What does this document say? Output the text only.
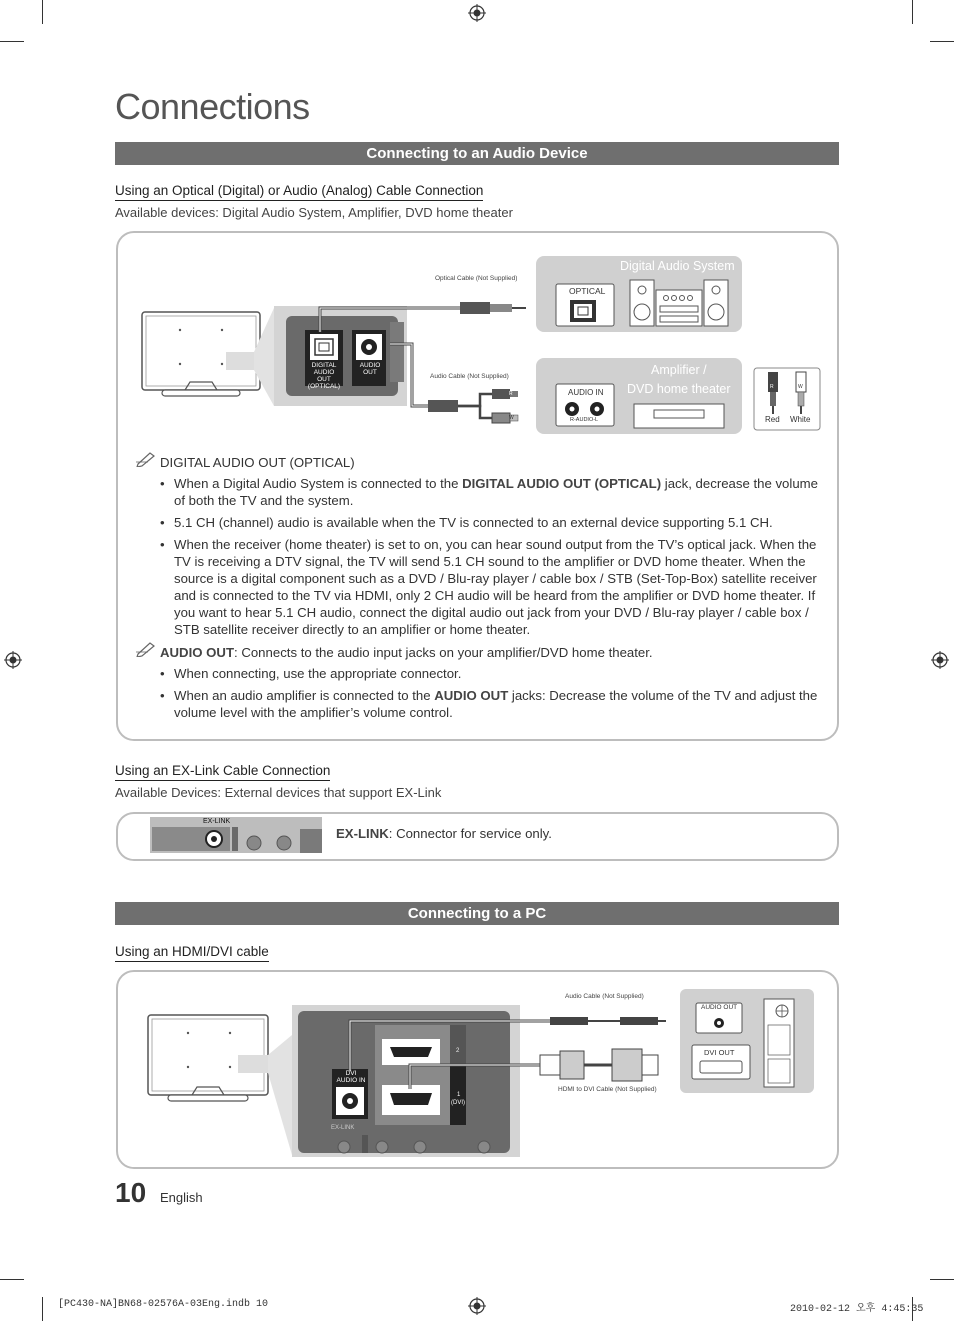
Connections
Connecting to an Audio Device
Using an Optical (Digital) or Audio (Analog) Cable Connection
Available devices: Digital Audio System, Amplifier, DVD home theater
Optical Cable (Not Supplied)
Audio Cable (Not Supplied)
Digital Audio System
OPTICAL
Amplifier /
DVD home theater
AUDIO IN
R-AUDIO-L
DIGITAL
AUDIO OUT
(OPTICAL)
AUDIO
OUT
R
W
R	W
Red White
DIGITAL AUDIO OUT (OPTICAL)
• When a Digital Audio System is connected to the DIGITAL AUDIO OUT (OPTICAL) jack, decrease the volume of both the TV and the system.
• 5.1 CH (channel) audio is available when the TV is connected to an external device supporting 5.1 CH.
• When the receiver (home theater) is set to on, you can hear sound output from the TV’s optical jack. When the TV is receiving a DTV signal, the TV will send 5.1 CH sound to the amplifier or DVD home theater. When the source is a digital component such as a DVD / Blu-ray player / cable box / STB (Set-Top-Box) satellite receiver and is connected to the TV via HDMI, only 2 CH audio will be heard from the amplifier or DVD home theater. If you want to hear 5.1 CH audio, connect the digital audio out jack from your DVD / Blu-ray player / cable box / STB satellite receiver directly to an amplifier or home theater.
AUDIO OUT: Connects to the audio input jacks on your amplifier/DVD home theater.
• When connecting, use the appropriate connector.
• When an audio amplifier is connected to the AUDIO OUT jacks: Decrease the volume of the TV and adjust the volume level with the amplifier’s volume control.
Using an EX-Link Cable Connection
Available Devices: External devices that support EX-Link
EX-LINK
EX-LINK: Connector for service only.
Connecting to a PC
Using an HDMI/DVI cable
Audio Cable (Not Supplied)
HDMI to DVI Cable (Not Supplied)
AUDIO OUT
DVI OUT
DVI
AUDIO IN
EX-LINK
2
1
(DVI)
10 English
[PC430-NA]BN68-02576A-03Eng.indb 10	2010-02-12 오후 4:45:35
